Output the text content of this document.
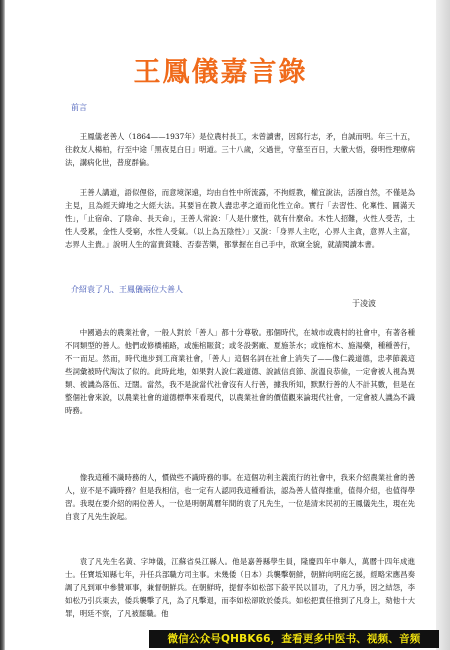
王鳳儀嘉言錄
前言

王鳳儀老善人（1864——1937年）是位農村長工，未曾讀書，因寫行志，矛，自誠而明。年三十五，往救友人楊柏，行至中途「黑夜見白日」明道。三十八歲，父過世，守墓至百日，大徹大悟，發明性理療病法，講病化世，普度群倫。

王善人講道，語似俚俗，而意境深遠，均由自性中所流露，不拘經教，權宜說法，活潑自然，不僅是為主見，且為經天緯地之大經大法。其要旨在教人盡忠孝之道而化性立命。實行「去習性、化稟性、圓滿天性」，「止宿命、了陰命、長天命」，王善人常說：「人是什麼性，就有什麼命。木性人招難，火性人受苦，土性人受累，金性人受窮，水性人受氣。（以上為五陰性）」又說：「身界人主吃，心界人主貪，意界人主富，志界人主貴。」說明人生的富貴貧賤、否泰苦樂，都掌握在自己手中，欲窺全貌，就請閱讀本書。

介紹袁了凡、王鳳儀兩位大善人
于凌波

中國過去的農業社會，一般人對於「善人」都十分尊敬。那個時代，在城市或農村的社會中，有著各種不同類型的善人。他們或修橋補路，或施棺賑貧；或冬設粥廠、夏施茶水；或施棺木、施湯藥，種種善行，不一而足。然而，時代進步到工商業社會，「善人」這個名詞在社會上消失了——像仁義道德，忠孝節義這些詞彙被時代淘汰了似的。此時此地，如果對人說仁義道德、說誠信貞節、說溫良恭儉，一定會被人視為異類、被譏為落伍、迂闊。當然，我不是說當代社會沒有人行善，據我所知，默默行善的人不計其數，但是在整個社會來說，以農業社會的道德標準來看現代，以農業社會的價值觀來論現代社會，一定會被人譏為不識時務。

像我這種不識時務的人，慣做些不識時務的事。在這個功利主義流行的社會中，我來介紹農業社會的善人，豈不是不識時務？但是我相信，也一定有人認同我這種看法，認為善人值得推重，值得介紹，也值得學習。我現在要介紹的兩位善人，一位是明朝萬曆年間的袁了凡先生，一位是清末民初的王鳳儀先生，現在先自袁了凡先生說起。

袁了凡先生名黃、字坤儀，江蘇省吳江縣人。他是嘉善縣學生員，隆慶四年中舉人，萬曆十四年成進士。任寶坻知縣七年，升任兵部職方司主事。未幾倭（日本）兵襲擊朝鮮，朝鮮向明庭乞援，經略宋應昌奏調了凡到軍中參贊軍事，兼督朝鮮兵。在朝鮮時，提督李如松部下殺平民以冒功，了凡力爭，因之結怨，李如松乃引兵東去，倭兵襲擊了凡，為了凡擊退，而李如松卻敗於倭兵。如松把責任推到了凡身上，劾他十大罪，明廷不察，了凡被罷職。他

微信公众号QHBK66，查看更多中医书、视频、音频
